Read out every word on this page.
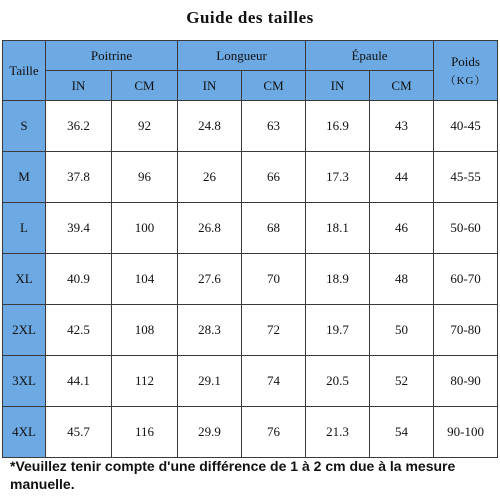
Guide des tailles
Taille	Poitrine		Longueur		Épaule		Poids
（KG）

	IN	CM	IN	CM	IN	CM	
S	36.2	92	24.8	63	16.9	43	40-45
M	37.8	96	26	66	17.3	44	45-55
L	39.4	100	26.8	68	18.1	46	50-60
XL	40.9	104	27.6	70	18.9	48	60-70
2XL	42.5	108	28.3	72	19.7	50	70-80
3XL	44.1	112	29.1	74	20.5	52	80-90
4XL	45.7	116	29.9	76	21.3	54	90-100
*Veuillez tenir compte d'une différence de 1 à 2 cm due à la mesure manuelle.
